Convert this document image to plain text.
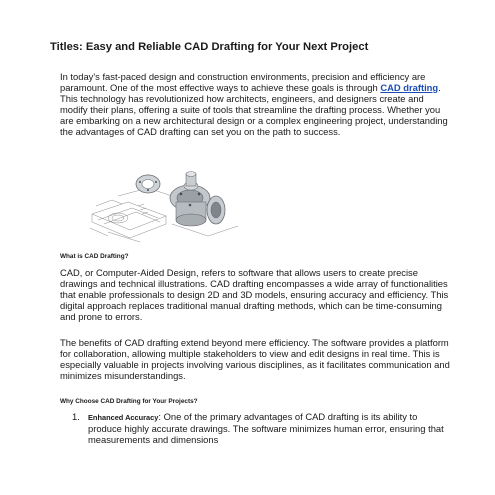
Titles: Easy and Reliable CAD Drafting for Your Next Project

In today's fast-paced design and construction environments, precision and efficiency are paramount. One of the most effective ways to achieve these goals is through CAD drafting. This technology has revolutionized how architects, engineers, and designers create and modify their plans, offering a suite of tools that streamline the drafting process. Whether you are embarking on a new architectural design or a complex engineering project, understanding the advantages of CAD drafting can set you on the path to success.

What is CAD Drafting?

CAD, or Computer-Aided Design, refers to software that allows users to create precise drawings and technical illustrations. CAD drafting encompasses a wide array of functionalities that enable professionals to design 2D and 3D models, ensuring accuracy and efficiency. This digital approach replaces traditional manual drafting methods, which can be time-consuming and prone to errors.

The benefits of CAD drafting extend beyond mere efficiency. The software provides a platform for collaboration, allowing multiple stakeholders to view and edit designs in real time. This is especially valuable in projects involving various disciplines, as it facilitates communication and minimizes misunderstandings.

Why Choose CAD Drafting for Your Projects?
1. Enhanced Accuracy: One of the primary advantages of CAD drafting is its ability to produce highly accurate drawings. The software minimizes human error, ensuring that measurements and dimensions
